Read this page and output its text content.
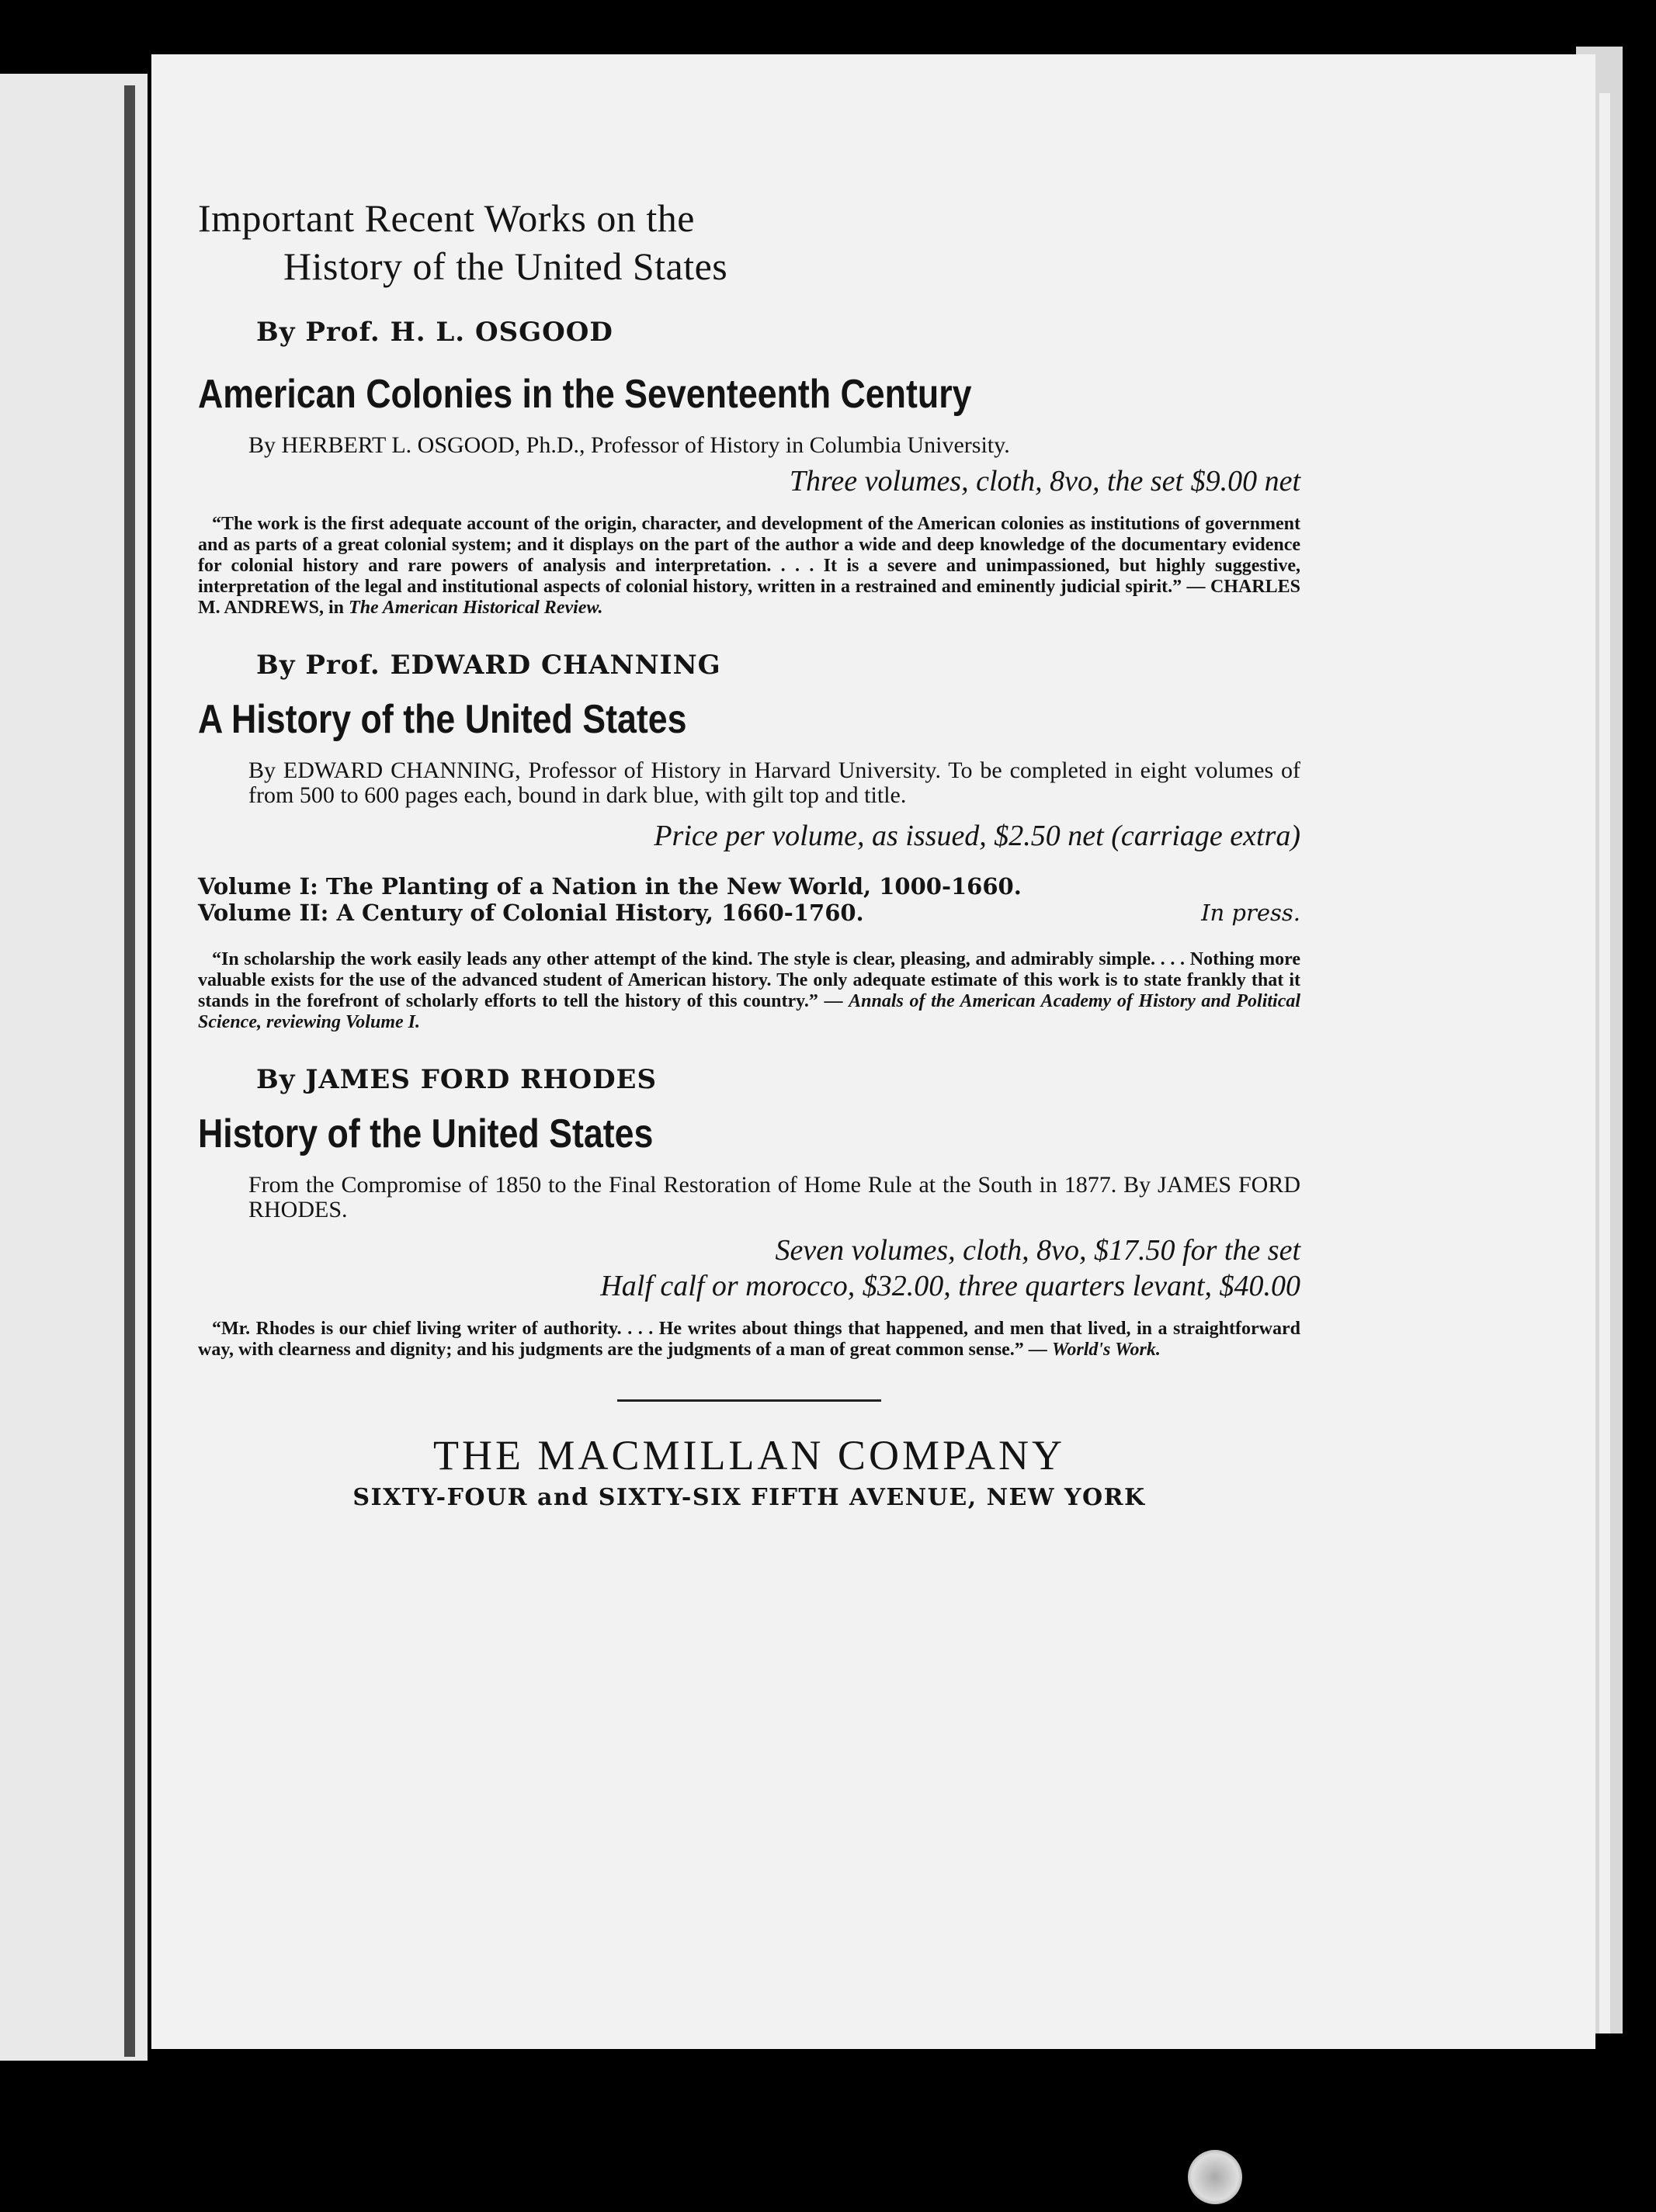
Important Recent Works on the
History of the United States
By Prof. H. L. OSGOOD
American Colonies in the Seventeenth Century
By HERBERT L. OSGOOD, Ph.D., Professor of History in Columbia University.
Three volumes, cloth, 8vo, the set $9.00 net
“The work is the first adequate account of the origin, character, and development of the American colonies as institutions of government and as parts of a great colonial system; and it displays on the part of the author a wide and deep knowledge of the documentary evidence for colonial history and rare powers of analysis and interpretation. . . . It is a severe and unimpassioned, but highly suggestive, interpretation of the legal and institutional aspects of colonial history, written in a restrained and eminently judicial spirit.” — CHARLES M. ANDREWS, in The American Historical Review.
By Prof. EDWARD CHANNING
A History of the United States
By EDWARD CHANNING, Professor of History in Harvard University. To be completed in eight volumes of from 500 to 600 pages each, bound in dark blue, with gilt top and title.
Price per volume, as issued, $2.50 net (carriage extra)
Volume I: The Planting of a Nation in the New World, 1000-1660.
Volume II: A Century of Colonial History, 1660-1760.	In press.
“In scholarship the work easily leads any other attempt of the kind. The style is clear, pleasing, and admirably simple. . . . Nothing more valuable exists for the use of the advanced student of American history. The only adequate estimate of this work is to state frankly that it stands in the forefront of scholarly efforts to tell the history of this country.” — Annals of the American Academy of History and Political Science, reviewing Volume I.
By JAMES FORD RHODES
History of the United States
From the Compromise of 1850 to the Final Restoration of Home Rule at the South in 1877. By JAMES FORD RHODES.
Seven volumes, cloth, 8vo, $17.50 for the set
Half calf or morocco, $32.00, three quarters levant, $40.00
“Mr. Rhodes is our chief living writer of authority. . . . He writes about things that happened, and men that lived, in a straightforward way, with clearness and dignity; and his judgments are the judgments of a man of great common sense.” — World's Work.
THE MACMILLAN COMPANY
SIXTY-FOUR and SIXTY-SIX FIFTH AVENUE, NEW YORK
